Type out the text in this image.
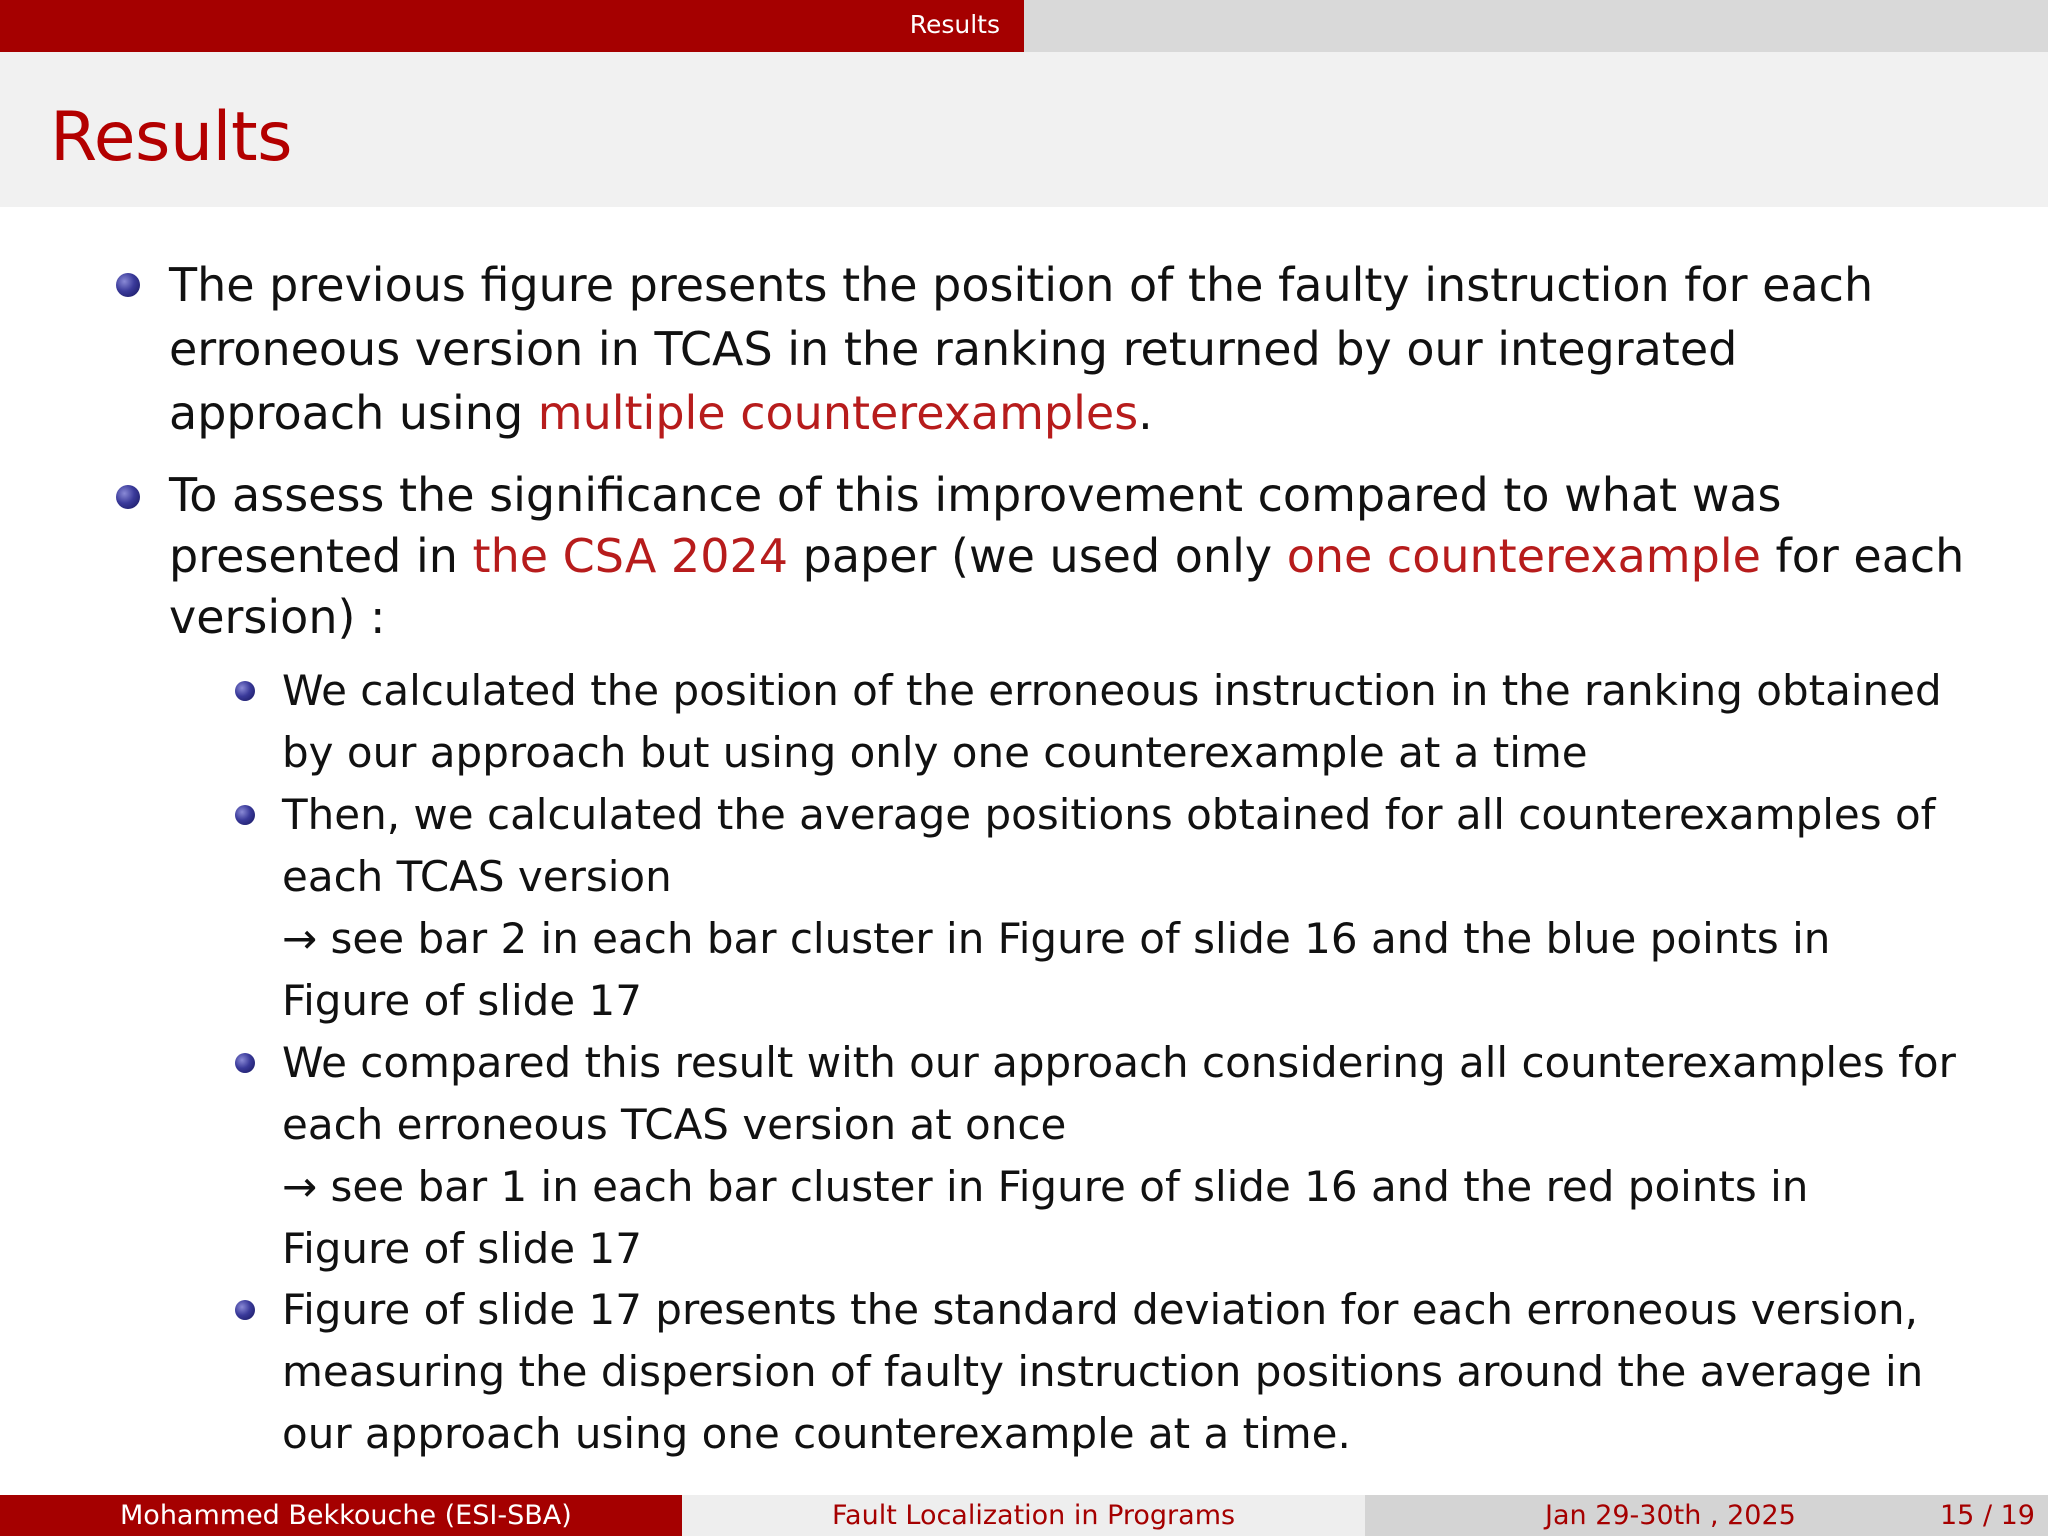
Results
Results
The previous figure presents the position of the faulty instruction for each
erroneous version in TCAS in the ranking returned by our integrated
approach using multiple counterexamples.
To assess the significance of this improvement compared to what was
presented in the CSA 2024 paper (we used only one counterexample for each
version) :
We calculated the position of the erroneous instruction in the ranking obtained
by our approach but using only one counterexample at a time
Then, we calculated the average positions obtained for all counterexamples of
each TCAS version
→ see bar 2 in each bar cluster in Figure of slide 16 and the blue points in
Figure of slide 17
We compared this result with our approach considering all counterexamples for
each erroneous TCAS version at once
→ see bar 1 in each bar cluster in Figure of slide 16 and the red points in
Figure of slide 17
Figure of slide 17 presents the standard deviation for each erroneous version,
measuring the dispersion of faulty instruction positions around the average in
our approach using one counterexample at a time.
Mohammed Bekkouche (ESI-SBA)	Fault Localization in Programs	Jan 29-30th , 2025	15 / 19
